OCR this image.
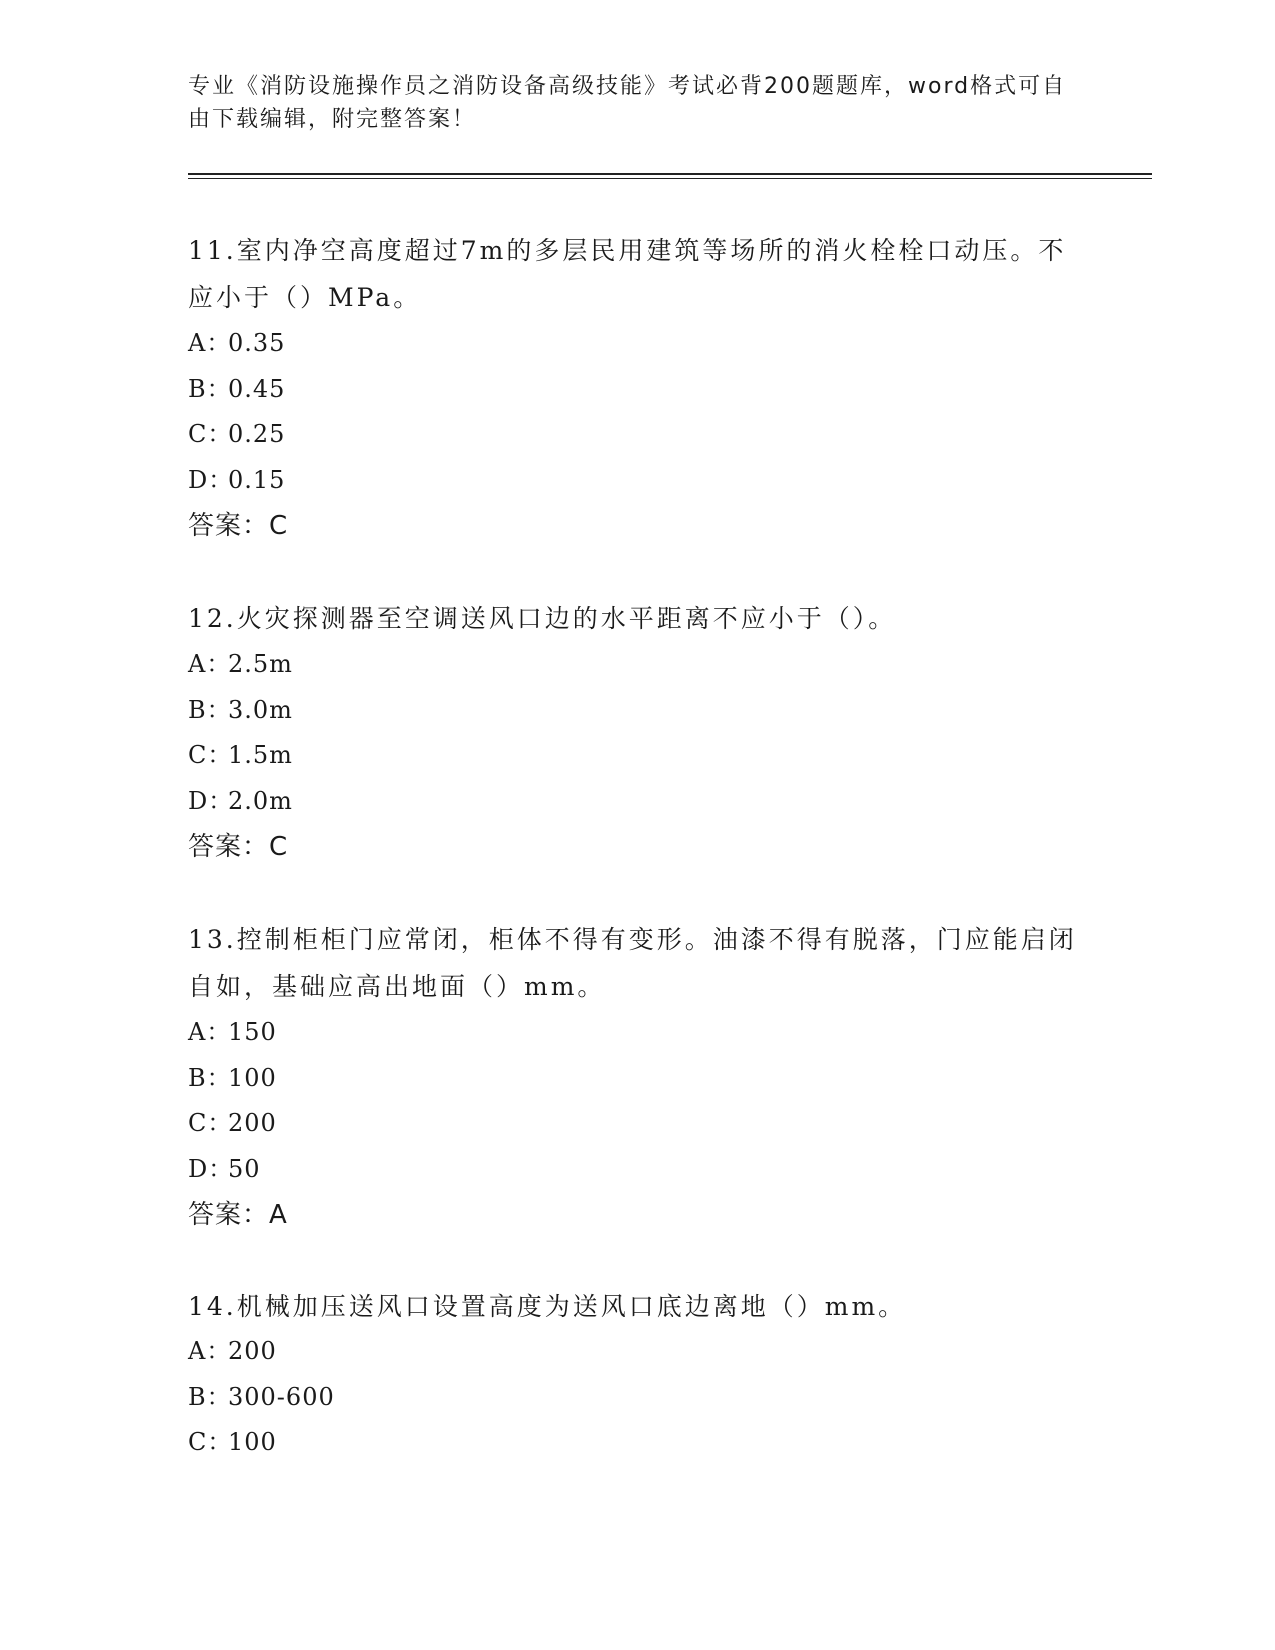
专业《消防设施操作员之消防设备高级技能》考试必背200题题库，word格式可自由下载编辑，附完整答案！
11.室内净空高度超过7m的多层民用建筑等场所的消火栓栓口动压。不应小于（）MPa。
A：0.35
B：0.45
C：0.25
D：0.15
答案：C
12.火灾探测器至空调送风口边的水平距离不应小于（）。
A：2.5m
B：3.0m
C：1.5m
D：2.0m
答案：C
13.控制柜柜门应常闭，柜体不得有变形。油漆不得有脱落，门应能启闭自如，基础应高出地面（）mm。
A：150
B：100
C：200
D：50
答案：A
14.机械加压送风口设置高度为送风口底边离地（）mm。
A：200
B：300-600
C：100
